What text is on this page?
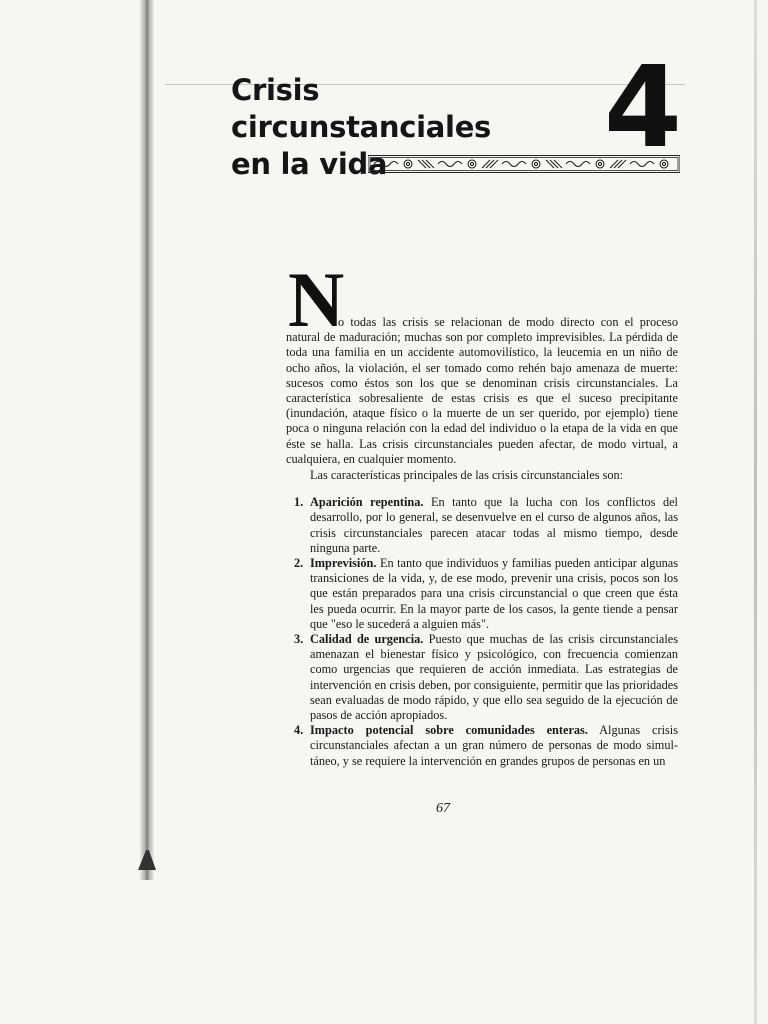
Crisis
circunstanciales
en la vida	4
N

o todas las crisis se relacionan de modo directo con el proceso natural de maduración; muchas son por completo imprevisibles. La pérdida de toda una familia en un accidente automovilístico, la leucemia en un niño de ocho años, la violación, el ser tomado como rehén bajo amenaza de muerte: sucesos como éstos son los que se denominan crisis circunstanciales. La característica sobresaliente de estas crisis es que el suceso precipitante (inundación, ataque físico o la muerte de un ser querido, por ejemplo) tiene poca o ninguna relación con la edad del individuo o la etapa de la vida en que éste se halla. Las crisis circunstanciales pueden afectar, de modo virtual, a cualquiera, en cualquier momento.

Las características principales de las crisis circunstanciales son:

1. Aparición repentina. En tanto que la lucha con los conflictos del desarrollo, por lo general, se desenvuelve en el curso de algunos años, las crisis circunstanciales parecen atacar todas al mismo tiempo, desde ninguna parte.
2. Imprevisión. En tanto que individuos y familias pueden anticipar algunas transiciones de la vida, y, de ese modo, prevenir una crisis, pocos son los que están preparados para una crisis circunstancial o que creen que ésta les pueda ocurrir. En la mayor parte de los casos, la gente tiende a pensar que "eso le sucederá a alguien más".
3. Calidad de urgencia. Puesto que muchas de las crisis circunstanciales amenazan el bienestar físico y psicológico, con frecuencia comienzan como urgencias que requieren de acción inmediata. Las estrategias de intervención en crisis deben, por consiguiente, permitir que las prioridades sean evaluadas de modo rápido, y que ello sea seguido de la ejecución de pasos de acción apropiados.
4. Impacto potencial sobre comunidades enteras. Algunas crisis circunstanciales afectan a un gran número de personas de modo simultáneo, y se requiere la intervención en grandes grupos de personas en un
67
